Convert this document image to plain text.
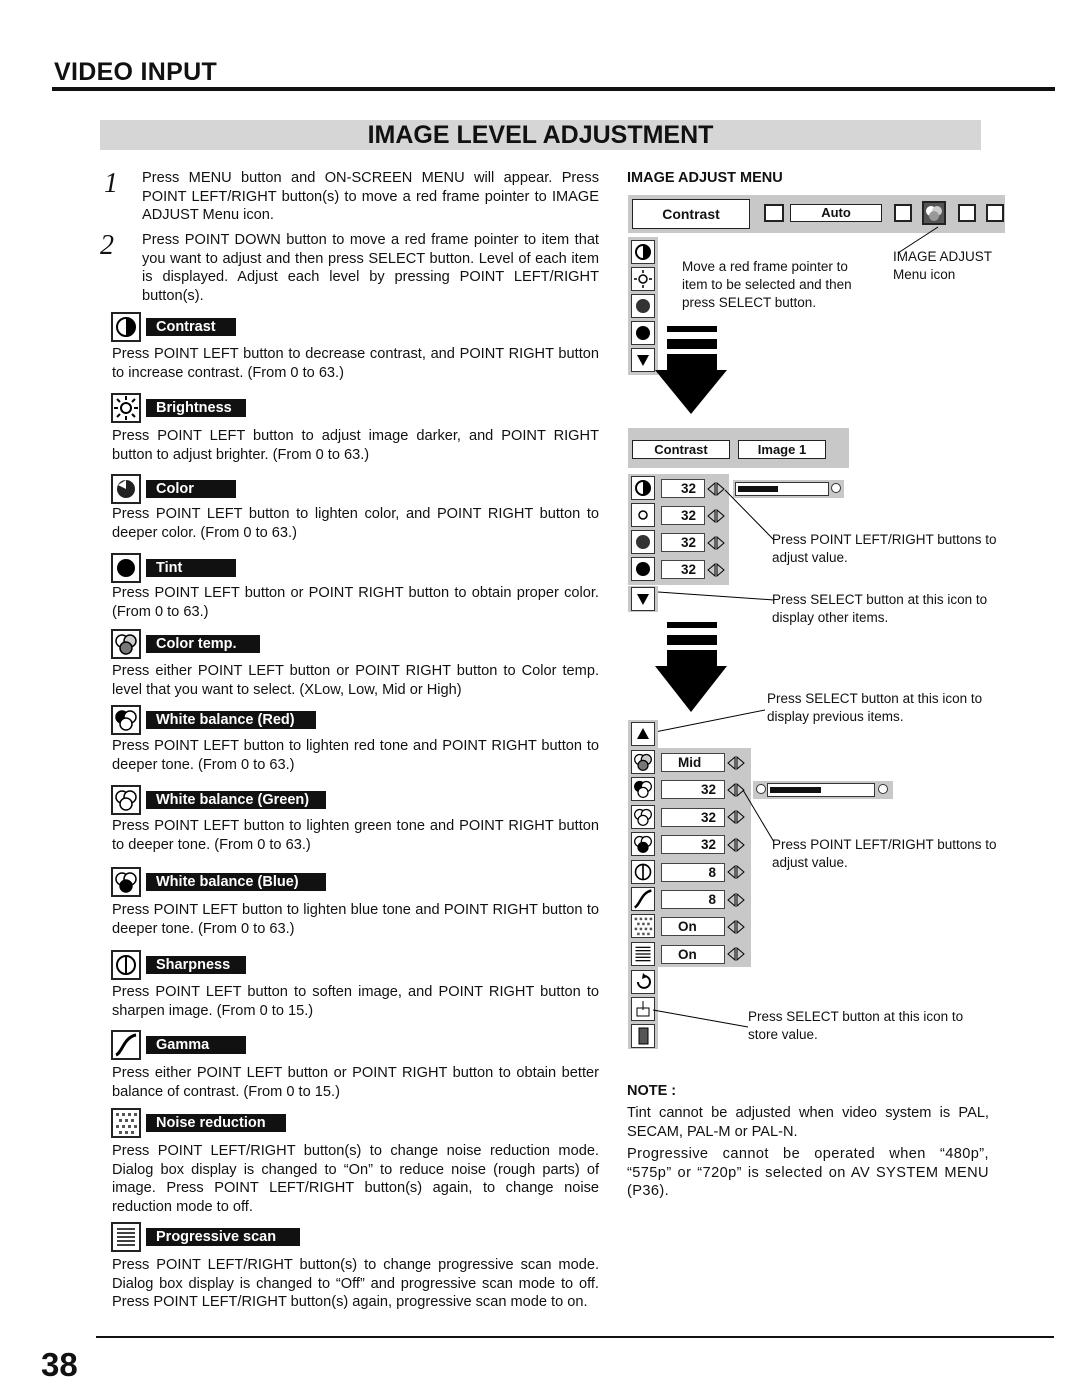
VIDEO INPUT
IMAGE LEVEL ADJUSTMENT
1 Press MENU button and ON-SCREEN MENU will appear. Press POINT LEFT/RIGHT button(s) to move a red frame pointer to IMAGE ADJUST Menu icon.
2 Press POINT DOWN button to move a red frame pointer to item that you want to adjust and then press SELECT button. Level of each item is displayed. Adjust each level by pressing POINT LEFT/RIGHT button(s).
Contrast
Press POINT LEFT button to decrease contrast, and POINT RIGHT button to increase contrast. (From 0 to 63.)
Brightness
Press POINT LEFT button to adjust image darker, and POINT RIGHT button to adjust brighter. (From 0 to 63.)
Color
Press POINT LEFT button to lighten color, and POINT RIGHT button to deeper color. (From 0 to 63.)
Tint
Press POINT LEFT button or POINT RIGHT button to obtain proper color. (From 0 to 63.)
Color temp.
Press either POINT LEFT button or POINT RIGHT button to Color temp. level that you want to select. (XLow, Low, Mid or High)
White balance (Red)
Press POINT LEFT button to lighten red tone and POINT RIGHT button to deeper tone. (From 0 to 63.)
White balance (Green)
Press POINT LEFT button to lighten green tone and POINT RIGHT button to deeper tone. (From 0 to 63.)
White balance (Blue)
Press POINT LEFT button to lighten blue tone and POINT RIGHT button to deeper tone. (From 0 to 63.)
Sharpness
Press POINT LEFT button to soften image, and POINT RIGHT button to sharpen image. (From 0 to 15.)
Gamma
Press either POINT LEFT button or POINT RIGHT button to obtain better balance of contrast. (From 0 to 15.)
Noise reduction
Press POINT LEFT/RIGHT button(s) to change noise reduction mode. Dialog box display is changed to “On” to reduce noise (rough parts) of image. Press POINT LEFT/RIGHT button(s) again, to change noise reduction mode to off.
Progressive scan
Press POINT LEFT/RIGHT button(s) to change progressive scan mode. Dialog box display is changed to “Off” and progressive scan mode to off. Press POINT LEFT/RIGHT button(s) again, progressive scan mode to on.
IMAGE ADJUST MENU
Contrast	Auto
Move a red frame pointer to item to be selected and then press SELECT button.
IMAGE ADJUST Menu icon
Contrast	Image 1
32
32
32
32
Press POINT LEFT/RIGHT buttons to adjust value.
Press SELECT button at this icon to display other items.
Press SELECT button at this icon to display previous items.
Mid
32
32
32
8
8
On
On
Press POINT LEFT/RIGHT buttons to adjust value.
Press SELECT button at this icon to store value.
NOTE :
Tint cannot be adjusted when video system is PAL, SECAM, PAL-M or PAL-N.
Progressive cannot be operated when “480p”, “575p” or “720p” is selected on AV SYSTEM MENU (P36).
38
